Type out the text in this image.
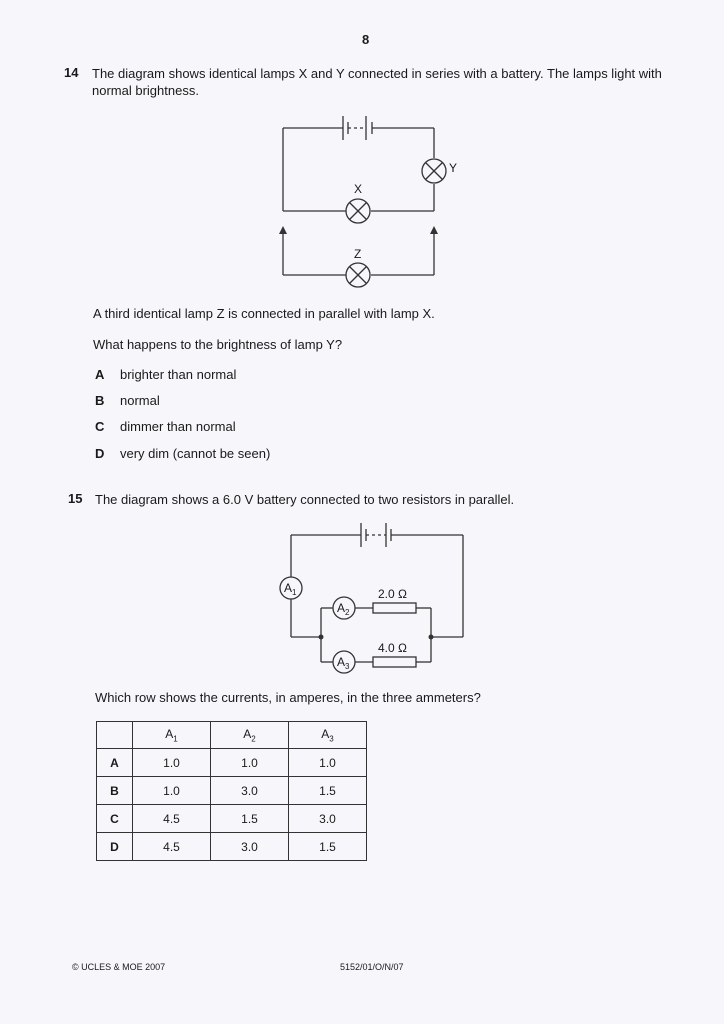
8
14 The diagram shows identical lamps X and Y connected in series with a battery. The lamps light with normal brightness.
Y
X
Z
A third identical lamp Z is connected in parallel with lamp X.
What happens to the brightness of lamp Y?
A brighter than normal
B normal
C dimmer than normal
D very dim (cannot be seen)
15 The diagram shows a 6.0 V battery connected to two resistors in parallel.
$A_1$
$A_2$
$A_3$
2.0 Ω
4.0 Ω
Which row shows the currents, in amperes, in the three ammeters?
	$A_1$	$A_2$	$A_3$
A	1.0	1.0	1.0
B	1.0	3.0	1.5
C	4.5	1.5	3.0
D	4.5	3.0	1.5
© UCLES & MOE 2007	5152/01/O/N/07
